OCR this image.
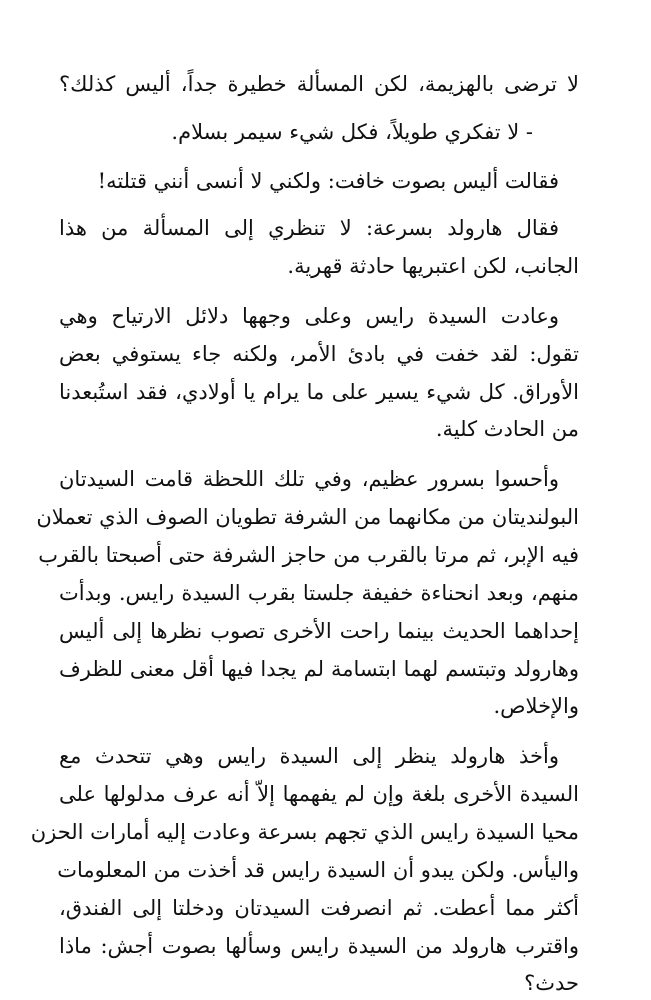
لا ترضى بالهزيمة، لكن المسألة خطيرة جداً، أليس كذلك؟
- لا تفكري طويلاً، فكل شيء سيمر بسلام.
فقالت أليس بصوت خافت: ولكني لا أنسى أنني قتلته!
فقال هارولد بسرعة: لا تنظري إلى المسألة من هذا
الجانب، لكن اعتبريها حادثة قهرية.
وعادت السيدة رايس وعلى وجهها دلائل الارتياح وهي
تقول: لقد خفت في بادئ الأمر، ولكنه جاء يستوفي بعض
الأوراق. كل شيء يسير على ما يرام يا أولادي، فقد استُبعدنا
من الحادث كلية.
وأحسوا بسرور عظيم، وفي تلك اللحظة قامت السيدتان
البولنديتان من مكانهما من الشرفة تطويان الصوف الذي تعملان
فيه الإبر، ثم مرتا بالقرب من حاجز الشرفة حتى أصبحتا بالقرب
منهم، وبعد انحناءة خفيفة جلستا بقرب السيدة رايس. وبدأت
إحداهما الحديث بينما راحت الأخرى تصوب نظرها إلى أليس
وهارولد وتبتسم لهما ابتسامة لم يجدا فيها أقل معنى للظرف
والإخلاص.
وأخذ هارولد ينظر إلى السيدة رايس وهي تتحدث مع
السيدة الأخرى بلغة وإن لم يفهمها إلاّ أنه عرف مدلولها على
محيا السيدة رايس الذي تجهم بسرعة وعادت إليه أمارات الحزن
واليأس. ولكن يبدو أن السيدة رايس قد أخذت من المعلومات
أكثر مما أعطت. ثم انصرفت السيدتان ودخلتا إلى الفندق،
واقترب هارولد من السيدة رايس وسألها بصوت أجش: ماذا
حدث؟
